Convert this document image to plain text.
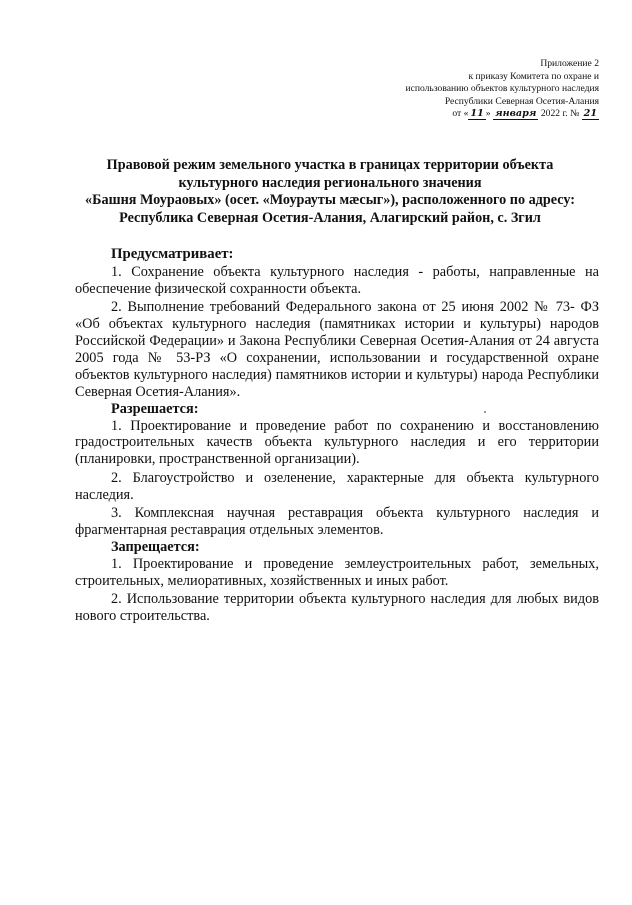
Приложение 2
к приказу Комитета по охране и
использованию объектов культурного наследия
Республики Северная Осетия-Алания
от « 11 » января 2022 г. № 21
Правовой режим земельного участка в границах территории объекта
культурного наследия регионального значения
«Башня Моураовых» (осет. «Моурауты мæсыг»), расположенного по адресу:
Республика Северная Осетия-Алания, Алагирский район, с. Згил

Предусматривает:

1. Сохранение объекта культурного наследия - работы, направленные на обеспечение физической сохранности объекта.

2. Выполнение требований Федерального закона от 25 июня 2002 № 73- ФЗ «Об объектах культурного наследия (памятниках истории и культуры) народов Российской Федерации» и Закона Республики Северная Осетия-Алания от 24 августа 2005 года № 53-РЗ «О сохранении, использовании и государственной охране объектов культурного наследия) памятников истории и культуры) народа Республики Северная Осетия-Алания».

Разрешается:

1. Проектирование и проведение работ по сохранению и восстановлению градостроительных качеств объекта культурного наследия и его территории (планировки, пространственной организации).

2. Благоустройство и озеленение, характерные для объекта культурного наследия.

3. Комплексная научная реставрация объекта культурного наследия и фрагментарная реставрация отдельных элементов.

Запрещается:

1. Проектирование и проведение землеустроительных работ, земельных, строительных, мелиоративных, хозяйственных и иных работ.

2. Использование территории объекта культурного наследия для любых видов нового строительства.
